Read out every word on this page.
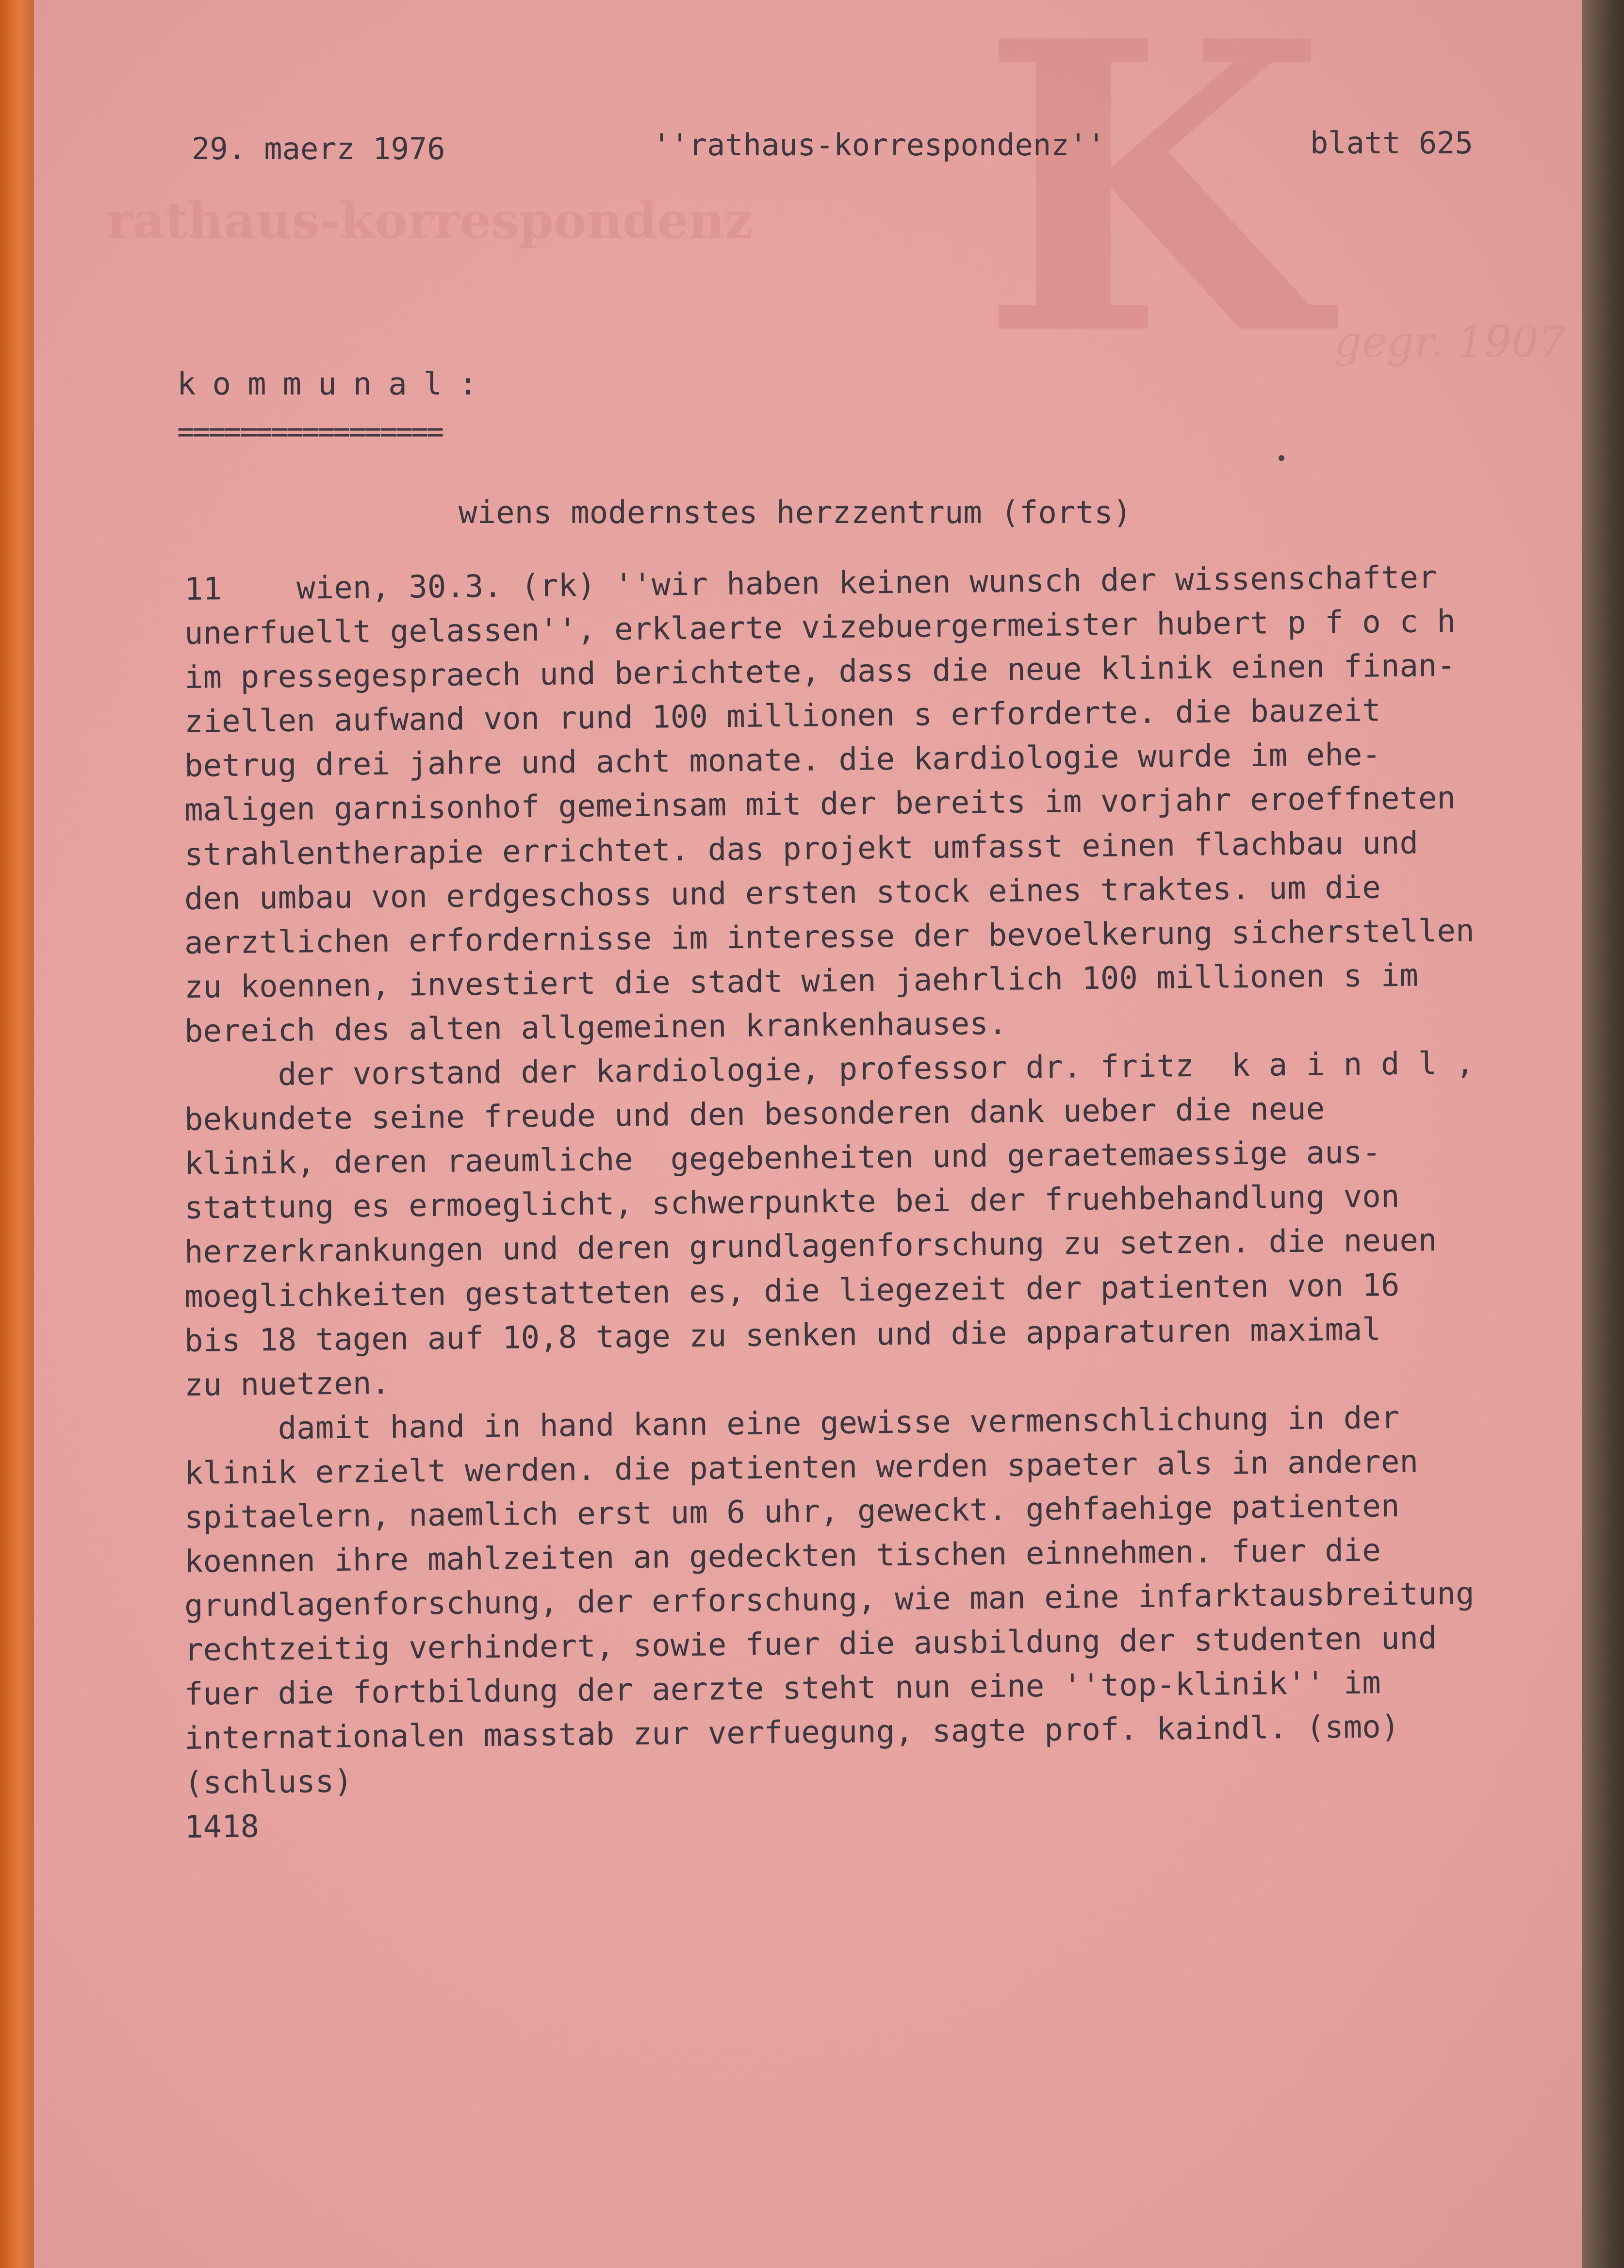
K
rathaus-korrespondenz
gegr. 1907
29. maerz 1976	''rathaus-korrespondenz''	blatt 625
kommunal:
=================
wiens modernstes herzzentrum (forts)
11    wien, 30.3. (rk) ''wir haben keinen wunsch der wissenschafter
unerfuellt gelassen'', erklaerte vizebuergermeister hubert p f o c h
im pressegespraech und berichtete, dass die neue klinik einen finan-
ziellen aufwand von rund 100 millionen s erforderte. die bauzeit
betrug drei jahre und acht monate. die kardiologie wurde im ehe-
maligen garnisonhof gemeinsam mit der bereits im vorjahr eroeffneten
strahlentherapie errichtet. das projekt umfasst einen flachbau und
den umbau von erdgeschoss und ersten stock eines traktes. um die
aerztlichen erfordernisse im interesse der bevoelkerung sicherstellen
zu koennen, investiert die stadt wien jaehrlich 100 millionen s im
bereich des alten allgemeinen krankenhauses.
der vorstand der kardiologie, professor dr. fritz  k a i n d l ,
bekundete seine freude und den besonderen dank ueber die neue
klinik, deren raeumliche  gegebenheiten und geraetemaessige aus-
stattung es ermoeglicht, schwerpunkte bei der fruehbehandlung von
herzerkrankungen und deren grundlagenforschung zu setzen. die neuen
moeglichkeiten gestatteten es, die liegezeit der patienten von 16
bis 18 tagen auf 10,8 tage zu senken und die apparaturen maximal
zu nuetzen.
damit hand in hand kann eine gewisse vermenschlichung in der
klinik erzielt werden. die patienten werden spaeter als in anderen
spitaelern, naemlich erst um 6 uhr, geweckt. gehfaehige patienten
koennen ihre mahlzeiten an gedeckten tischen einnehmen. fuer die
grundlagenforschung, der erforschung, wie man eine infarktausbreitung
rechtzeitig verhindert, sowie fuer die ausbildung der studenten und
fuer die fortbildung der aerzte steht nun eine ''top-klinik'' im
internationalen masstab zur verfuegung, sagte prof. kaindl. (smo)
(schluss)
1418
